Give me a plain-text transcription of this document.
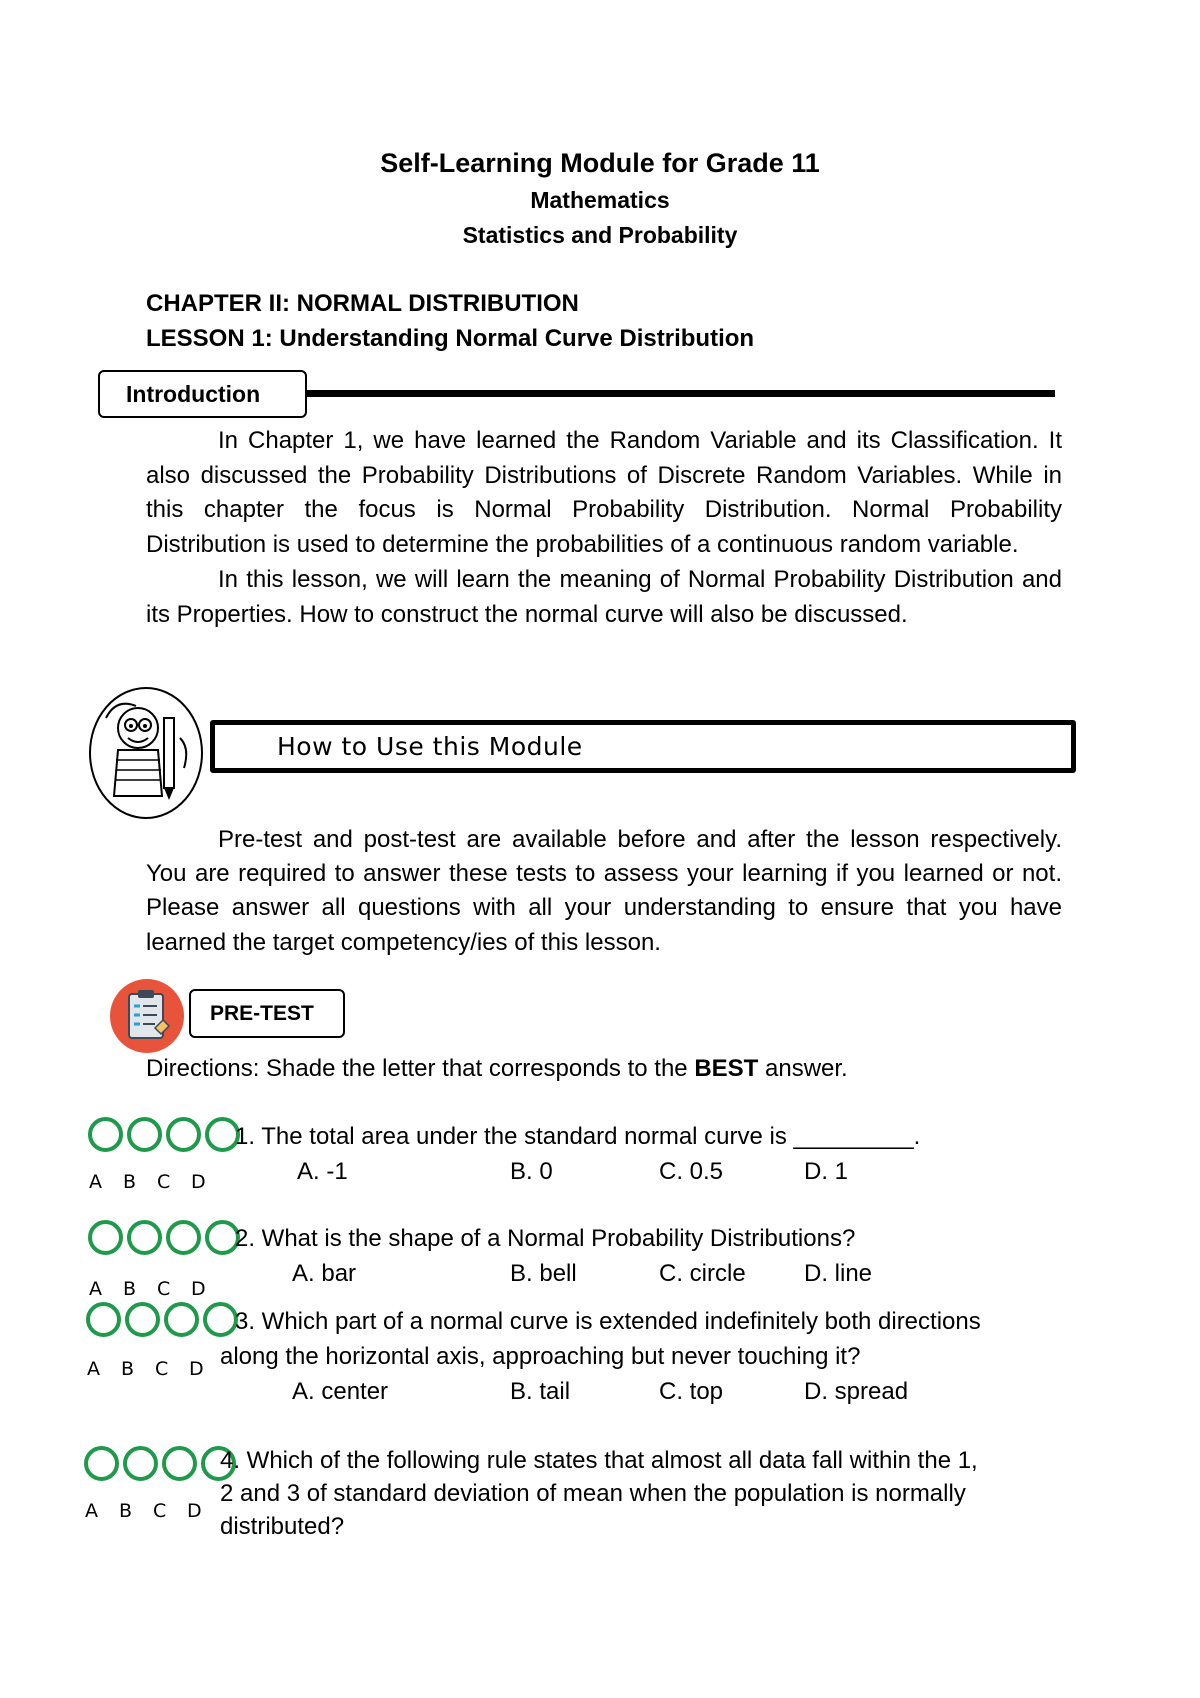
Self-Learning Module for Grade 11
Mathematics
Statistics and Probability
CHAPTER II: NORMAL DISTRIBUTION
LESSON 1: Understanding Normal Curve Distribution
Introduction

In Chapter 1, we have learned the Random Variable and its Classification. It also discussed the Probability Distributions of Discrete Random Variables. While in this chapter the focus is Normal Probability Distribution. Normal Probability Distribution is used to determine the probabilities of a continuous random variable.

In this lesson, we will learn the meaning of Normal Probability Distribution and its Properties. How to construct the normal curve will also be discussed.

How to Use this Module

Pre-test and post-test are available before and after the lesson respectively. You are required to answer these tests to assess your learning if you learned or not. Please answer all questions with all your understanding to ensure that you have learned the target competency/ies of this lesson.

PRE-TEST
Directions: Shade the letter that corresponds to the BEST answer.
A	B	C	D
1. The total area under the standard normal curve is _________.
A. -1	B. 0	C. 0.5	D. 1
A	B	C	D
2. What is the shape of a Normal Probability Distributions?
A. bar	B. bell	C. circle D. line
A	B	C	D
3. Which part of a normal curve is extended indefinitely both directions
along the horizontal axis, approaching but never touching it?
A. center	B. tail	C. top	D. spread
A	B	C	D
4. Which of the following rule states that almost all data fall within the 1,
2 and 3 of standard deviation of mean when the population is normally
distributed?
